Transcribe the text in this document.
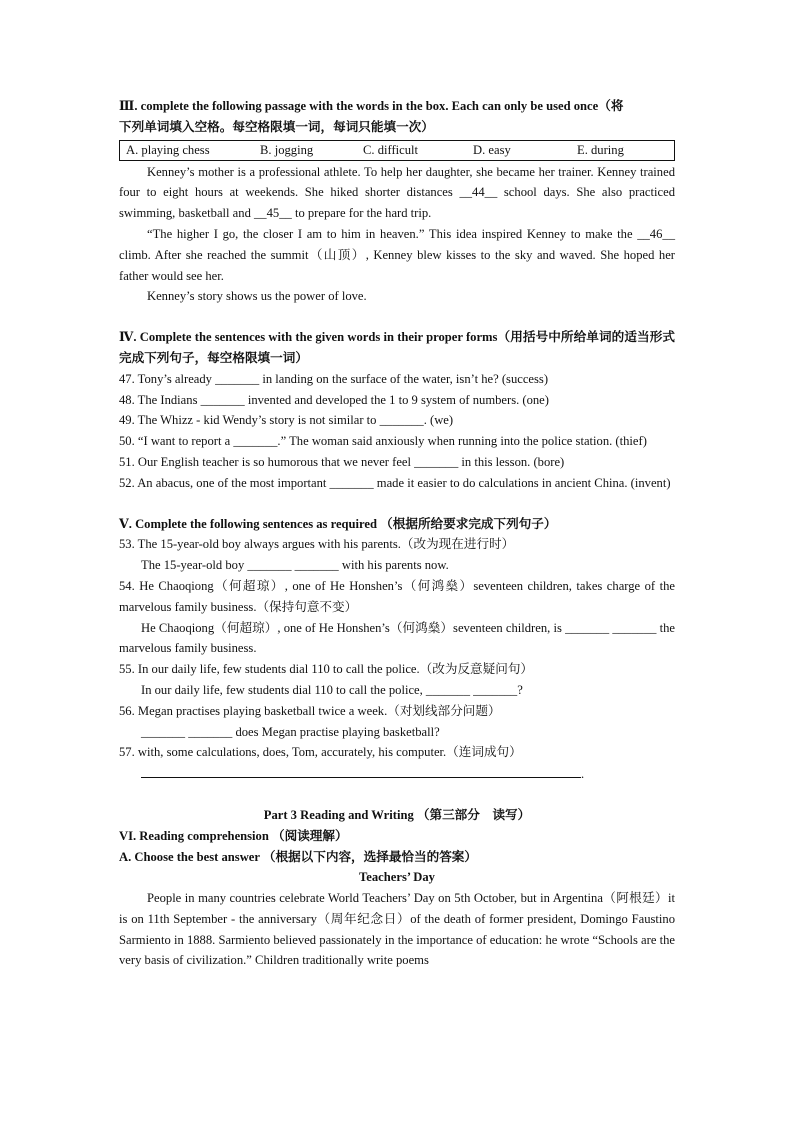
Ⅲ. complete the following passage with the words in the box. Each can only be used once（将
下列单词填入空格。每空格限填一词，每词只能填一次）

A. playing chess	B. jogging	C. difficult	D. easy	E. during

Kenney’s mother is a professional athlete. To help her daughter, she became her trainer. Kenney trained four to eight hours at weekends. She hiked shorter distances __44__ school days. She also practiced swimming, basketball and __45__ to prepare for the hard trip.

“The higher I go, the closer I am to him in heaven.” This idea inspired Kenney to make the __46__ climb. After she reached the summit（山顶）, Kenney blew kisses to the sky and waved. She hoped her father would see her.

Kenney’s story shows us the power of love.

Ⅳ. Complete the sentences with the given words in their proper forms（用括号中所给单词的适当形式完成下列句子，每空格限填一词）

47. Tony’s already _______ in landing on the surface of the water, isn’t he? (success)

48. The Indians _______ invented and developed the 1 to 9 system of numbers. (one)

49. The Whizz - kid Wendy’s story is not similar to _______. (we)

50. “I want to report a _______.” The woman said anxiously when running into the police station. (thief)

51. Our English teacher is so humorous that we never feel _______ in this lesson. (bore)

52. An abacus, one of the most important _______ made it easier to do calculations in ancient China. (invent)

Ⅴ. Complete the following sentences as required （根据所给要求完成下列句子）

53. The 15-year-old boy always argues with his parents.（改为现在进行时）

The 15-year-old boy _______ _______ with his parents now.

54. He Chaoqiong（何超琼）, one of He Honshen’s（何鸿燊）seventeen children, takes charge of the marvelous family business.（保持句意不变）

He Chaoqiong（何超琼）, one of He Honshen’s（何鸿燊）seventeen children, is _______ _______ the marvelous family business.

55. In our daily life, few students dial 110 to call the police.（改为反意疑问句）

In our daily life, few students dial 110 to call the police, _______ _______?

56. Megan practises playing basketball twice a week.（对划线部分问题）

_______ _______ does Megan practise playing basketball?

57. with, some calculations, does, Tom, accurately, his computer.（连词成句）

.

Part 3 Reading and Writing （第三部分　读写）

VI. Reading comprehension （阅读理解）

A. Choose the best answer （根据以下内容，选择最恰当的答案）

Teachers’ Day

People in many countries celebrate World Teachers’ Day on 5th October, but in Argentina（阿根廷）it is on 11th September - the anniversary（周年纪念日）of the death of former president, Domingo Faustino Sarmiento in 1888. Sarmiento believed passionately in the importance of education: he wrote “Schools are the very basis of civilization.” Children traditionally write poems
